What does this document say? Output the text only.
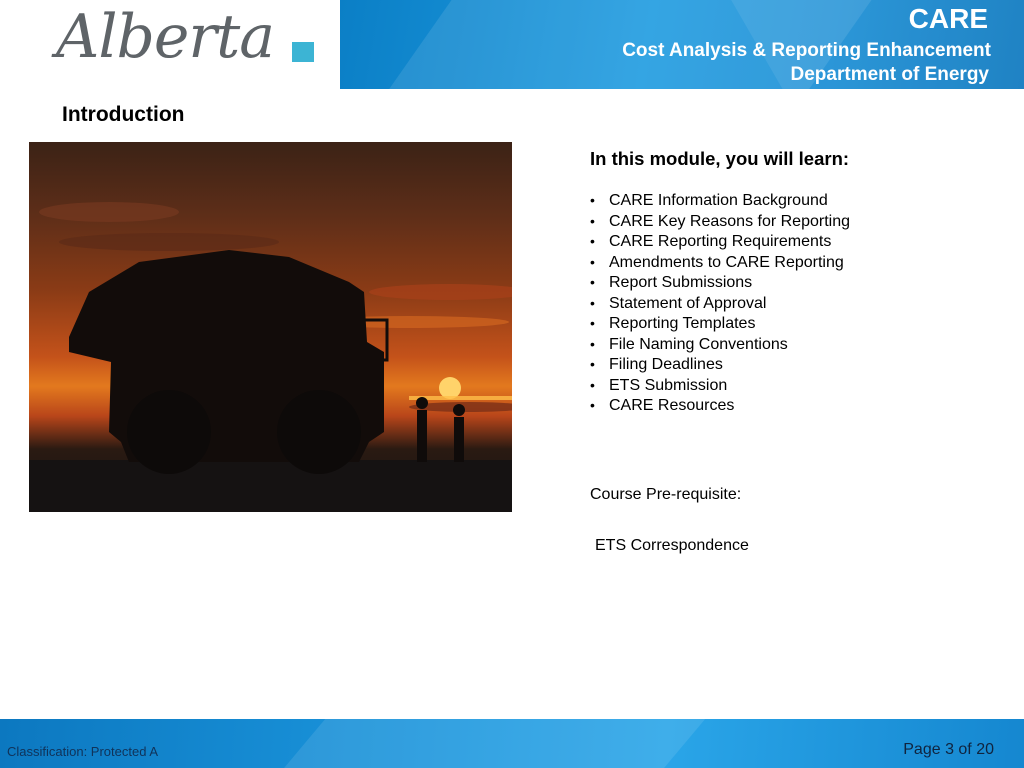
Alberta	CARE
Cost Analysis & Reporting Enhancement
Department of Energy
Introduction
In this module, you will learn:
• CARE Information Background
• CARE Key Reasons for Reporting
• CARE Reporting Requirements
• Amendments to CARE Reporting
• Report Submissions
• Statement of Approval
• Reporting Templates
• File Naming Conventions
• Filing Deadlines
• ETS Submission
• CARE Resources
Course Pre-requisite:
ETS Correspondence
Classification: Protected A	Page 3 of 20
